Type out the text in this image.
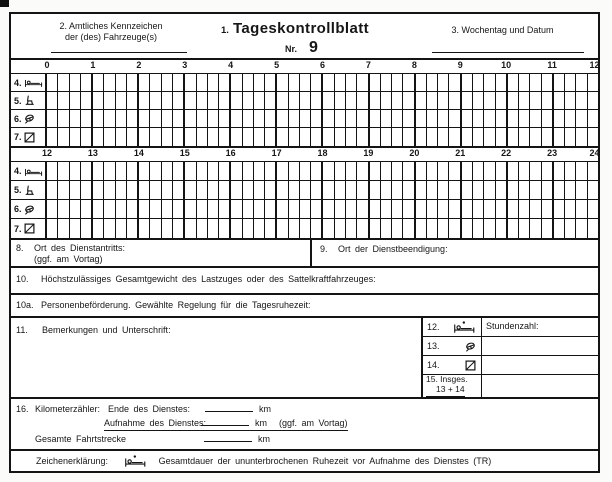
2. Amtliches Kennzeichen
der (des) Fahrzeuge(s)
1. Tageskontrollblatt
Nr. 9
3. Wochentag und Datum
0	1	2	3	4	5	6	7	8	9	10	11	12
4.
5.
6.
7.
12	13	14	15	16	17	18	19	20	21	22	23	24
4.
5.
6.
7.
8.	Ort des Dienstantritts:
(ggf. am Vortag)
9.	Ort der Dienstbeendigung:
10.	Höchstzulässiges Gesamtgewicht des Lastzuges oder des Sattelkraftfahrzeuges:
10a. Personenbeförderung. Gewählte Regelung für die Tagesruhezeit:
11.	Bemerkungen und Unterschrift:	12.	Stundenzahl:
13.
14.
15. Insges.
13 + 14
16. Kilometerzähler: Ende des Dienstes:	km
Aufnahme des Dienstes:	km (ggf. am Vortag)
Gesamte Fahrtstrecke	km
Zeichenerklärung:	Gesamtdauer der ununterbrochenen Ruhezeit vor Aufnahme des Dienstes (TR)
